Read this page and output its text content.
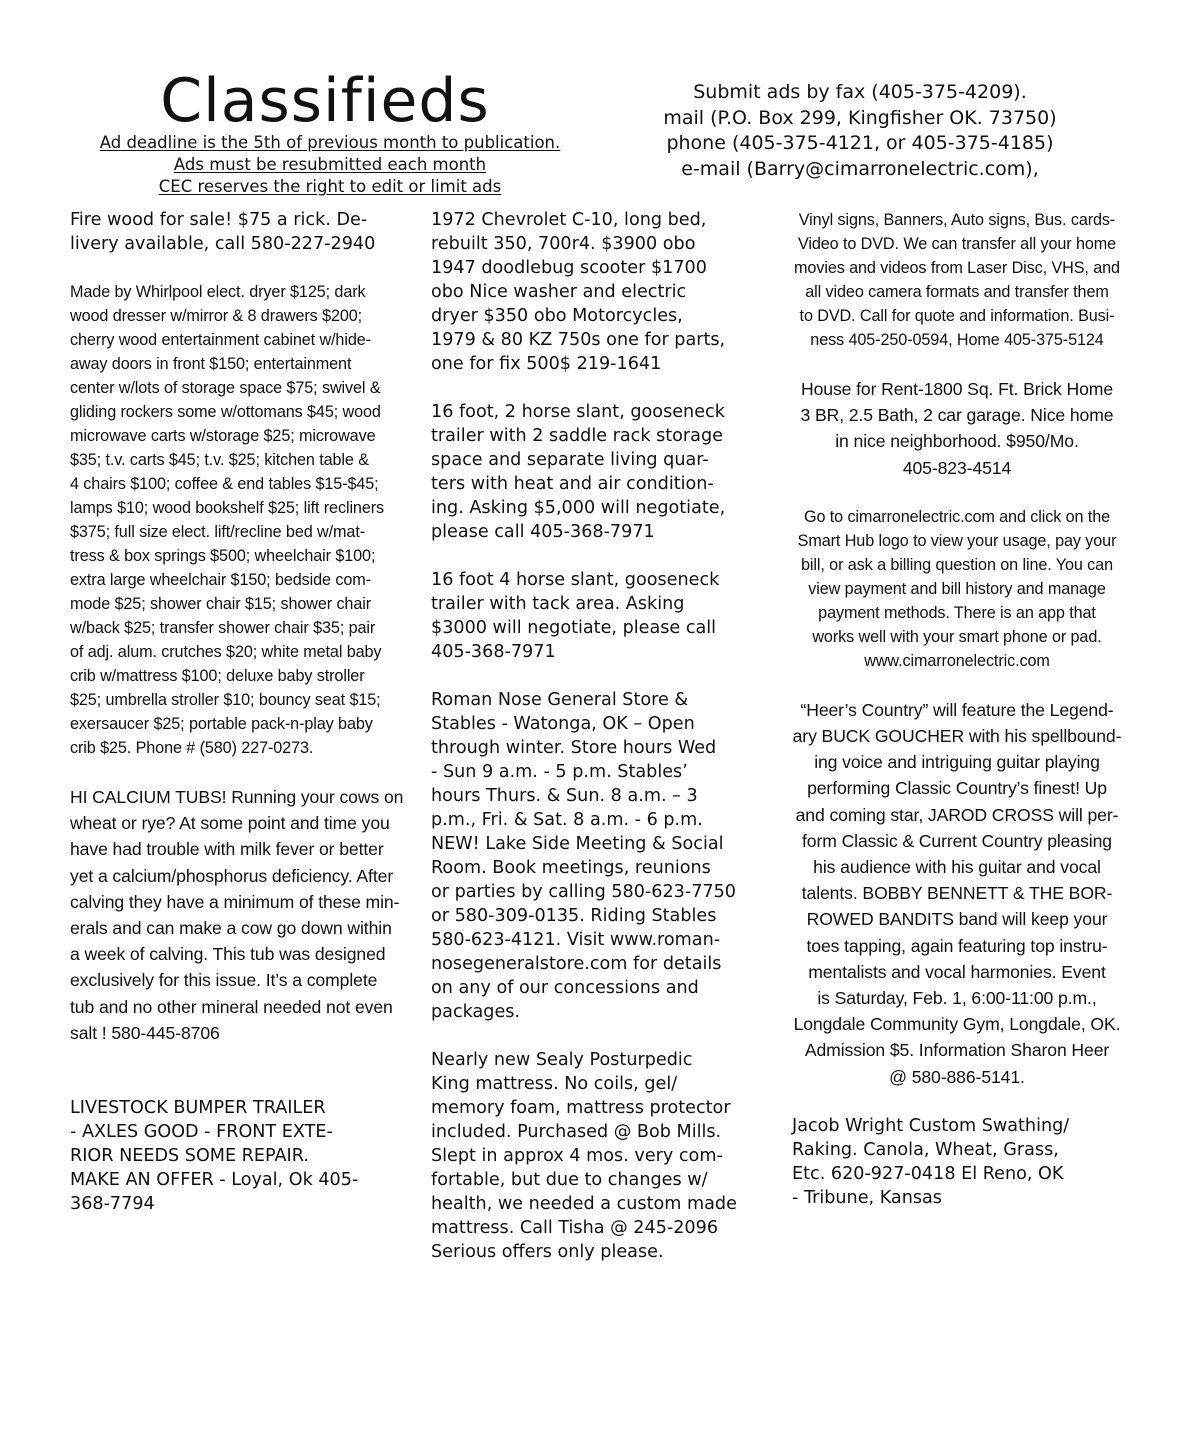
Classifieds
Ad deadline is the 5th of previous month to publication.
Ads must be resubmitted each month
CEC reserves the right to edit or limit ads
Submit ads by fax (405-375-4209).
mail (P.O. Box 299, Kingfisher OK. 73750)
phone (405-375-4121, or 405-375-4185)
e-mail (Barry@cimarronelectric.com),

Fire wood for sale! $75 a rick. De-
livery available, call 580-227-2940

Made by Whirlpool elect. dryer $125; dark
wood dresser w/mirror & 8 drawers $200;
cherry wood entertainment cabinet w/hide-
away doors in front $150; entertainment
center w/lots of storage space $75; swivel &
gliding rockers some w/ottomans $45; wood
microwave carts w/storage $25; microwave
$35; t.v. carts $45; t.v. $25; kitchen table &
4 chairs $100; coffee & end tables $15-$45;
lamps $10; wood bookshelf $25; lift recliners
$375; full size elect. lift/recline bed w/mat-
tress & box springs $500; wheelchair $100;
extra large wheelchair $150; bedside com-
mode $25; shower chair $15; shower chair
w/back $25; transfer shower chair $35; pair
of adj. alum. crutches $20; white metal baby
crib w/mattress $100; deluxe baby stroller
$25; umbrella stroller $10; bouncy seat $15;
exersaucer $25; portable pack-n-play baby
crib $25. Phone # (580) 227-0273.

HI CALCIUM TUBS! Running your cows on
wheat or rye? At some point and time you
have had trouble with milk fever or better
yet a calcium/phosphorus deficiency. After
calving they have a minimum of these min-
erals and can make a cow go down within
a week of calving. This tub was designed
exclusively for this issue. It’s a complete
tub and no other mineral needed not even
salt ! 580-445-8706

LIVESTOCK BUMPER TRAILER
- AXLES GOOD - FRONT EXTE-
RIOR NEEDS SOME REPAIR.
MAKE AN OFFER - Loyal, Ok 405-
368-7794

1972 Chevrolet C-10, long bed,
rebuilt 350, 700r4. $3900 obo
1947 doodlebug scooter $1700
obo Nice washer and electric
dryer $350 obo Motorcycles,
1979 & 80 KZ 750s one for parts,
one for fix 500$ 219-1641

16 foot, 2 horse slant, gooseneck
trailer with 2 saddle rack storage
space and separate living quar-
ters with heat and air condition-
ing. Asking $5,000 will negotiate,
please call 405-368-7971

16 foot 4 horse slant, gooseneck
trailer with tack area. Asking
$3000 will negotiate, please call
405-368-7971

Roman Nose General Store &
Stables - Watonga, OK – Open
through winter. Store hours Wed
- Sun 9 a.m. - 5 p.m. Stables’
hours Thurs. & Sun. 8 a.m. – 3
p.m., Fri. & Sat. 8 a.m. - 6 p.m.
NEW! Lake Side Meeting & Social
Room. Book meetings, reunions
or parties by calling 580-623-7750
or 580-309-0135. Riding Stables
580-623-4121. Visit www.roman-
nosegeneralstore.com for details
on any of our concessions and
packages.

Nearly new Sealy Posturpedic
King mattress. No coils, gel/
memory foam, mattress protector
included. Purchased @ Bob Mills.
Slept in approx 4 mos. very com-
fortable, but due to changes w/
health, we needed a custom made
mattress. Call Tisha @ 245-2096
Serious offers only please.

Vinyl signs, Banners, Auto signs, Bus. cards-
Video to DVD. We can transfer all your home
movies and videos from Laser Disc, VHS, and
all video camera formats and transfer them
to DVD. Call for quote and information. Busi-
ness 405-250-0594, Home 405-375-5124

House for Rent-1800 Sq. Ft. Brick Home
3 BR, 2.5 Bath, 2 car garage. Nice home
in nice neighborhood. $950/Mo.
405-823-4514

Go to cimarronelectric.com and click on the
Smart Hub logo to view your usage, pay your
bill, or ask a billing question on line. You can
view payment and bill history and manage
payment methods. There is an app that
works well with your smart phone or pad.
www.cimarronelectric.com

“Heer’s Country” will feature the Legend-
ary BUCK GOUCHER with his spellbound-
ing voice and intriguing guitar playing
performing Classic Country’s finest! Up
and coming star, JAROD CROSS will per-
form Classic & Current Country pleasing
his audience with his guitar and vocal
talents. BOBBY BENNETT & THE BOR-
ROWED BANDITS band will keep your
toes tapping, again featuring top instru-
mentalists and vocal harmonies. Event
is Saturday, Feb. 1, 6:00-11:00 p.m.,
Longdale Community Gym, Longdale, OK.
Admission $5. Information Sharon Heer
@ 580-886-5141.

Jacob Wright Custom Swathing/
Raking. Canola, Wheat, Grass,
Etc. 620-927-0418 El Reno, OK
- Tribune, Kansas
